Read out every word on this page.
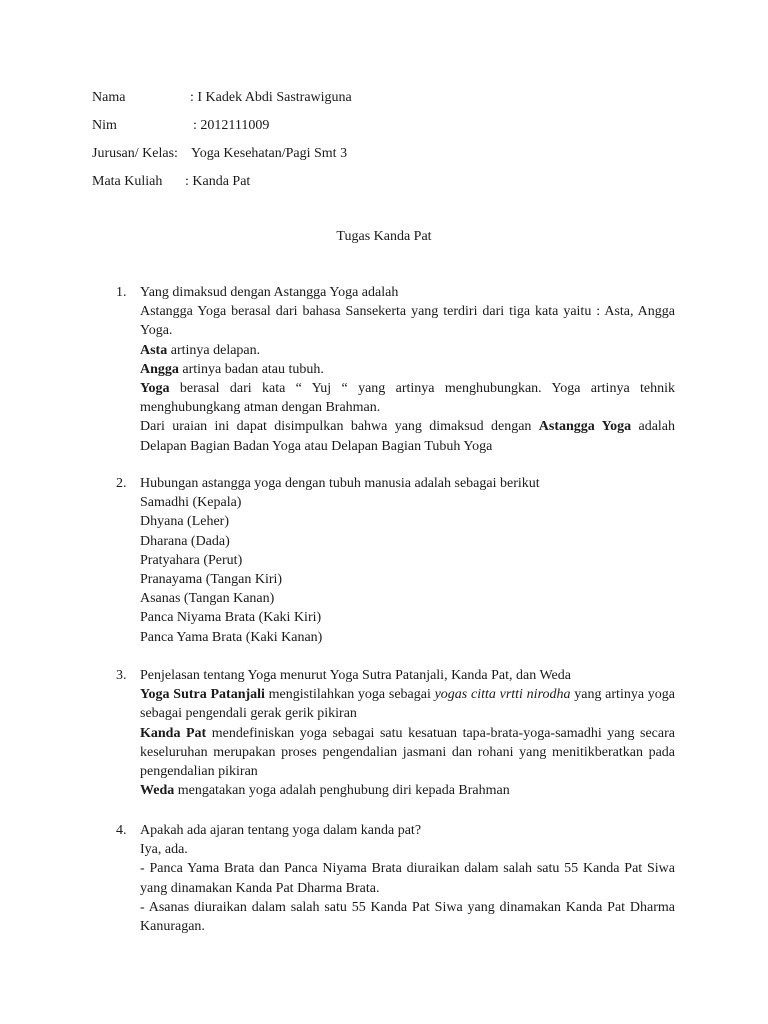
Nama	: I Kadek Abdi Sastrawiguna
Nim	: 2012111009
Jurusan/ Kelas: Yoga Kesehatan/Pagi Smt 3
Mata Kuliah : Kanda Pat
Tugas Kanda Pat
1. Yang dimaksud dengan Astangga Yoga adalah

Astangga Yoga berasal dari bahasa Sansekerta yang terdiri dari tiga kata yaitu : Asta, Angga Yoga.

Asta artinya delapan.

Angga artinya badan atau tubuh.

Yoga berasal dari kata “ Yuj “ yang artinya menghubungkan. Yoga artinya tehnik menghubungkang atman dengan Brahman.

Dari uraian ini dapat disimpulkan bahwa yang dimaksud dengan Astangga Yoga adalah Delapan Bagian Badan Yoga atau Delapan Bagian Tubuh Yoga

2. Hubungan astangga yoga dengan tubuh manusia adalah sebagai berikut

Samadhi (Kepala)

Dhyana (Leher)

Dharana (Dada)

Pratyahara (Perut)

Pranayama (Tangan Kiri)

Asanas (Tangan Kanan)

Panca Niyama Brata (Kaki Kiri)

Panca Yama Brata (Kaki Kanan)

3. Penjelasan tentang Yoga menurut Yoga Sutra Patanjali, Kanda Pat, dan Weda

Yoga Sutra Patanjali mengistilahkan yoga sebagai yogas citta vrtti nirodha yang artinya yoga sebagai pengendali gerak gerik pikiran

Kanda Pat mendefiniskan yoga sebagai satu kesatuan tapa-brata-yoga-samadhi yang secara keseluruhan merupakan proses pengendalian jasmani dan rohani yang menitikberatkan pada pengendalian pikiran

Weda mengatakan yoga adalah penghubung diri kepada Brahman

4. Apakah ada ajaran tentang yoga dalam kanda pat?

Iya, ada.

- Panca Yama Brata dan Panca Niyama Brata diuraikan dalam salah satu 55 Kanda Pat Siwa yang dinamakan Kanda Pat Dharma Brata.

- Asanas diuraikan dalam salah satu 55 Kanda Pat Siwa yang dinamakan Kanda Pat Dharma Kanuragan.
